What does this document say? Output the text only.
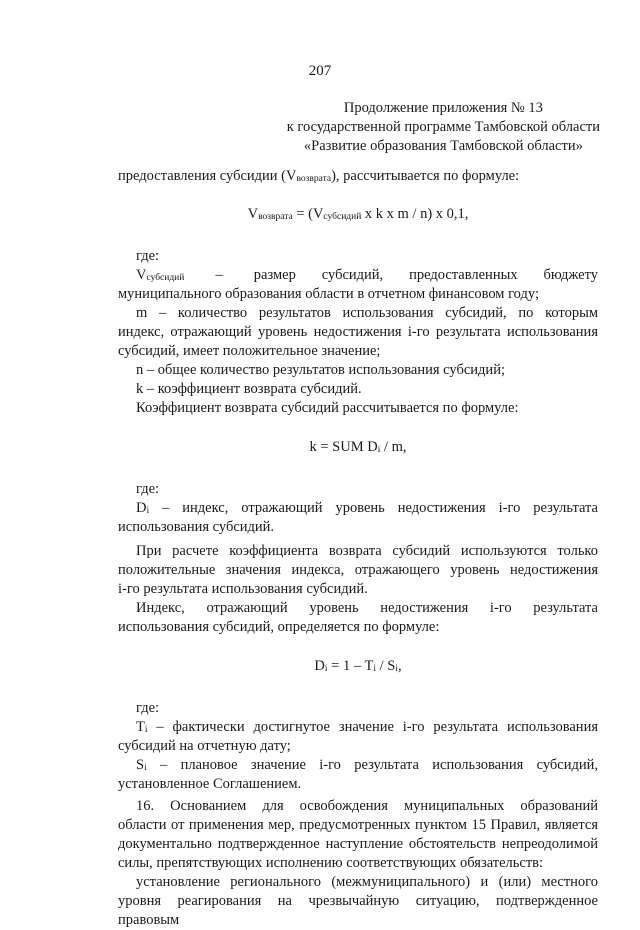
207
Продолжение приложения № 13
к государственной программе Тамбовской области
«Развитие образования Тамбовской области»
предоставления субсидии $(V_{возврата})$, рассчитывается по формуле:
$V_{возврата} = (V_{субсидий}$ x k x m / n) x 0,1,
где:
$V_{субсидий}$      –      размер     субсидий,     предоставленных     бюджету
муниципального образования области в отчетном финансовом году;
m – количество результатов использования субсидий, по которым
индекс, отражающий уровень недостижения i-го результата использования
субсидий, имеет положительное значение;
n – общее количество результатов использования субсидий;
k – коэффициент возврата субсидий.
Коэффициент возврата субсидий рассчитывается по формуле:
k = SUM $D_i$ / m,
где:
$D_i$ – индекс, отражающий уровень недостижения i-го результата
использования субсидий.
При расчете коэффициента возврата субсидий используются только
положительные значения индекса, отражающего уровень недостижения
i-го результата использования субсидий.
Индекс, отражающий уровень недостижения i-го результата
использования субсидий, определяется по формуле:
$D_i = 1 - T_i / S_i$,
где:
$T_i$ – фактически достигнутое значение i-го результата использования
субсидий на отчетную дату;
$S_i$ – плановое значение i-го результата использования субсидий,
установленное Соглашением.
16. Основанием для освобождения муниципальных образований
области от применения мер, предусмотренных пунктом 15 Правил, является
документально подтвержденное наступление обстоятельств непреодолимой
силы, препятствующих исполнению соответствующих обязательств:
установление регионального (межмуниципального) и (или) местного
уровня реагирования на чрезвычайную ситуацию, подтвержденное правовым
